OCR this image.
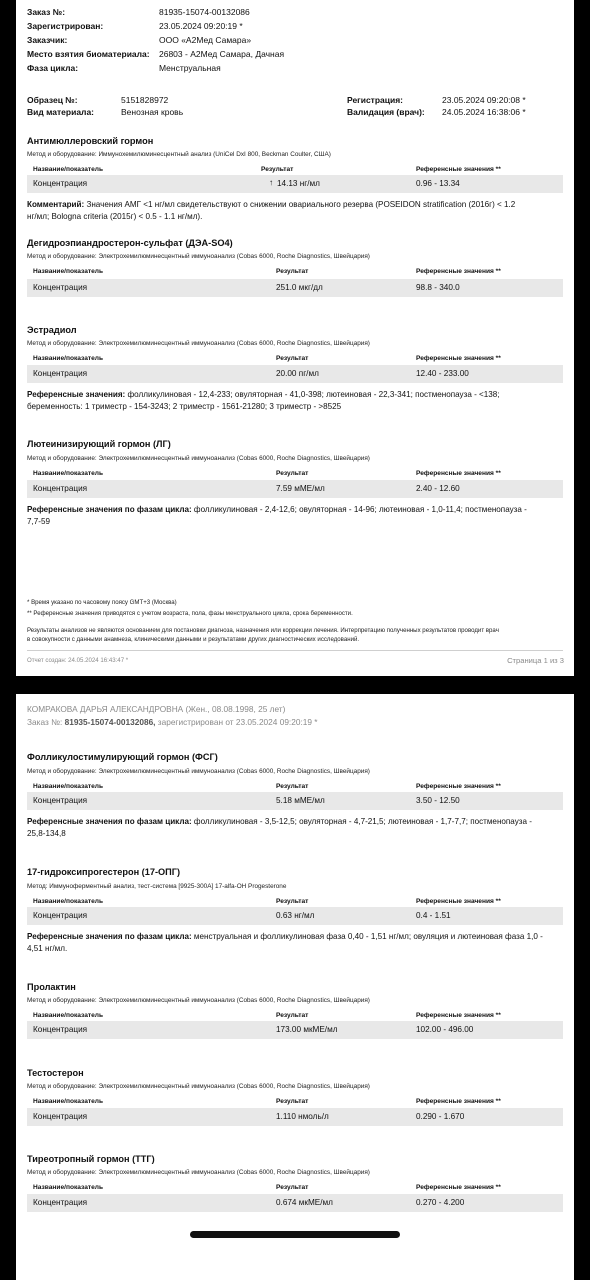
Заказ №:	81935-15074-00132086
Зарегистрирован:	23.05.2024 09:20:19 *
Заказчик:	ООО «А2Мед Самара»
Место взятия биоматериала: 26803 - А2Мед Самара, Дачная
Фаза цикла:	Менструальная
Образец №:	5151828972
Вид материала:	Венозная кровь
Регистрация:	23.05.2024 09:20:08 *
Валидация (врач): 24.05.2024 16:38:06 *
Антимюллеровский гормон
Метод и оборудование: Иммунохемилюминесцентный анализ (UniCel DxI 800, Beckman Coulter, США)
Название/показатель	Результат	Референсные значения **
Концентрация	↑ 14.13 нг/мл	0.96 - 13.34
Комментарий: Значения АМГ <1 нг/мл свидетельствуют о снижении овариального резерва (POSEIDON stratification (2016г) < 1.2
нг/мл; Bologna criteria (2015г) < 0.5 - 1.1 нг/мл).
Дегидроэпиандростерон-сульфат (ДЭА-SO4)
Метод и оборудование: Электрохемилюминесцентный иммуноанализ (Cobas 6000, Roche Diagnostics, Швейцария)
Название/показатель	Результат	Референсные значения **
Концентрация	251.0 мкг/дл	98.8 - 340.0
Эстрадиол
Метод и оборудование: Электрохемилюминесцентный иммуноанализ (Cobas 6000, Roche Diagnostics, Швейцария)
Название/показатель	Результат	Референсные значения **
Концентрация	20.00 пг/мл	12.40 - 233.00
Референсные значения: фолликулиновая - 12,4-233; овуляторная - 41,0-398; лютеиновая - 22,3-341; постменопауза - <138;
беременность: 1 триместр - 154-3243; 2 триместр - 1561-21280; 3 триместр - >8525
Лютеинизирующий гормон (ЛГ)
Метод и оборудование: Электрохемилюминесцентный иммуноанализ (Cobas 6000, Roche Diagnostics, Швейцария)
Название/показатель	Результат	Референсные значения **
Концентрация	7.59 мМЕ/мл	2.40 - 12.60
Референсные значения по фазам цикла: фолликулиновая - 2,4-12,6; овуляторная - 14-96; лютеиновая - 1,0-11,4; постменопауза -
7,7-59
* Время указано по часовому поясу GMT+3 (Москва)
** Референсные значения приводятся с учетом возраста, пола, фазы менструального цикла, срока беременности.
Результаты анализов не являются основанием для постановки диагноза, назначения или коррекции лечения. Интерпретацию полученных результатов проводит врач
в совокупности с данными анамнеза, клиническими данными и результатами других диагностических исследований.
Отчет создан: 24.05.2024 16:43:47 *	Страница 1 из 3
КОМРАКОВА ДАРЬЯ АЛЕКСАНДРОВНА (Жен., 08.08.1998, 25 лет)
Заказ №: 81935-15074-00132086, зарегистрирован от 23.05.2024 09:20:19 *
Фолликулостимулирующий гормон (ФСГ)
Метод и оборудование: Электрохемилюминесцентный иммуноанализ (Cobas 6000, Roche Diagnostics, Швейцария)
Название/показатель	Результат	Референсные значения **
Концентрация	5.18 мМЕ/мл	3.50 - 12.50
Референсные значения по фазам цикла: фолликулиновая - 3,5-12,5; овуляторная - 4,7-21,5; лютеиновая - 1,7-7,7; постменопауза -
25,8-134,8
17-гидроксипрогестерон (17-ОПГ)
Метод: Иммуноферментный анализ, тест-система [9925-300A] 17-alfa-OH Progesterone
Название/показатель	Результат	Референсные значения **
Концентрация	0.63 нг/мл	0.4 - 1.51
Референсные значения по фазам цикла: менструальная и фолликулиновая фаза 0,40 - 1,51 нг/мл; овуляция и лютеиновая фаза 1,0 -
4,51 нг/мл.
Пролактин
Метод и оборудование: Электрохемилюминесцентный иммуноанализ (Cobas 6000, Roche Diagnostics, Швейцария)
Название/показатель	Результат	Референсные значения **
Концентрация	173.00 мкМЕ/мл	102.00 - 496.00
Тестостерон
Метод и оборудование: Электрохемилюминесцентный иммуноанализ (Cobas 6000, Roche Diagnostics, Швейцария)
Название/показатель	Результат	Референсные значения **
Концентрация	1.110 нмоль/л	0.290 - 1.670
Тиреотропный гормон (ТТГ)
Метод и оборудование: Электрохемилюминесцентный иммуноанализ (Cobas 6000, Roche Diagnostics, Швейцария)
Название/показатель	Результат	Референсные значения **
Концентрация	0.674 мкМЕ/мл	0.270 - 4.200
